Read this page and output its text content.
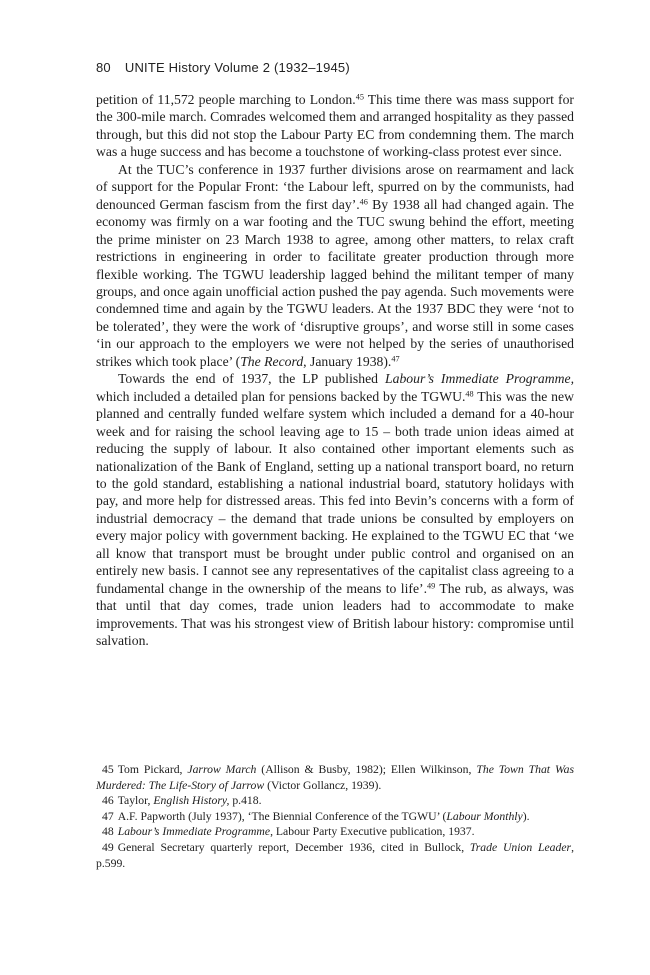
80 UNITE History Volume 2 (1932–1945)

petition of 11,572 people marching to London.$^{45}$ This time there was mass support for the 300-mile march. Comrades welcomed them and arranged hospitality as they passed through, but this did not stop the Labour Party EC from condemning them. The march was a huge success and has become a touchstone of working-class protest ever since.

At the TUC’s conference in 1937 further divisions arose on rearmament and lack of support for the Popular Front: ‘the Labour left, spurred on by the communists, had denounced German fascism from the first day’.$^{46}$ By 1938 all had changed again. The economy was firmly on a war footing and the TUC swung behind the effort, meeting the prime minister on 23 March 1938 to agree, among other matters, to relax craft restrictions in engineering in order to facilitate greater production through more flexible working. The TGWU leadership lagged behind the militant temper of many groups, and once again unofficial action pushed the pay agenda. Such movements were condemned time and again by the TGWU leaders. At the 1937 BDC they were ‘not to be tolerated’, they were the work of ‘disruptive groups’, and worse still in some cases ‘in our approach to the employers we were not helped by the series of unauthorised strikes which took place’ (The Record, January 1938).$^{47}$

Towards the end of 1937, the LP published Labour’s Immediate Programme, which included a detailed plan for pensions backed by the TGWU.$^{48}$ This was the new planned and centrally funded welfare system which included a demand for a 40-hour week and for raising the school leaving age to 15 – both trade union ideas aimed at reducing the supply of labour. It also contained other important elements such as nationalization of the Bank of England, setting up a national transport board, no return to the gold standard, establishing a national industrial board, statutory holidays with pay, and more help for distressed areas. This fed into Bevin’s concerns with a form of industrial democracy – the demand that trade unions be consulted by employers on every major policy with government backing. He explained to the TGWU EC that ‘we all know that transport must be brought under public control and organised on an entirely new basis. I cannot see any representatives of the capitalist class agreeing to a fundamental change in the ownership of the means to life’.$^{49}$ The rub, as always, was that until that day comes, trade union leaders had to accommodate to make improvements. That was his strongest view of British labour history: compromise until salvation.

45 Tom Pickard, Jarrow March (Allison & Busby, 1982); Ellen Wilkinson, The Town That Was Murdered: The Life-Story of Jarrow (Victor Gollancz, 1939).

46 Taylor, English History, p.418.

47 A.F. Papworth (July 1937), ‘The Biennial Conference of the TGWU’ (Labour Monthly).

48 Labour’s Immediate Programme, Labour Party Executive publication, 1937.

49 General Secretary quarterly report, December 1936, cited in Bullock, Trade Union Leader, p.599.
